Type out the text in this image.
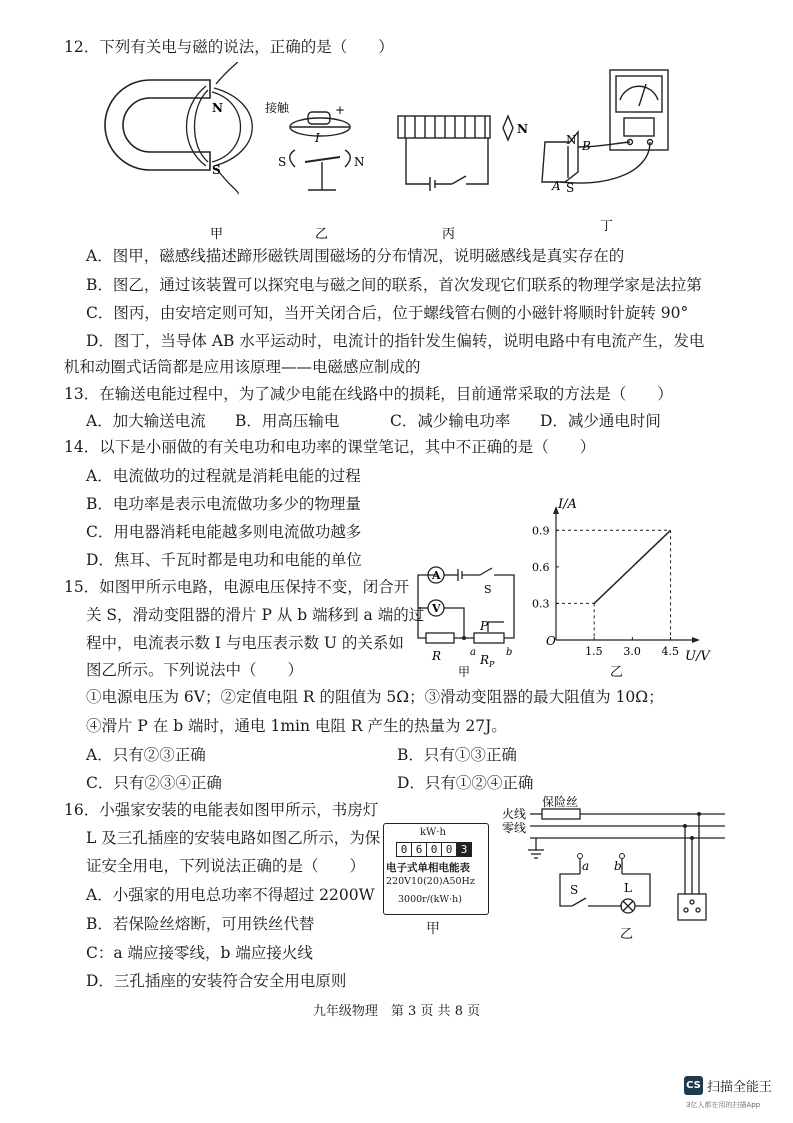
12．下列有关电与磁的说法，正确的是（　　）
N
S
接触	+
I
S	N
N
N B
A S
甲	乙	丙
丁
A．图甲，磁感线描述蹄形磁铁周围磁场的分布情况，说明磁感线是真实存在的
B．图乙，通过该装置可以探究电与磁之间的联系，首次发现它们联系的物理学家是法拉第
C．图丙，由安培定则可知，当开关闭合后，位于螺线管右侧的小磁针将顺时针旋转 90°
D．图丁，当导体 AB 水平运动时，电流计的指针发生偏转，说明电路中有电流产生，发电
机和动圈式话筒都是应用该原理——电磁感应制成的
13．在输送电能过程中，为了减少电能在线路中的损耗，目前通常采取的方法是（　　）
A．加大输送电流 B．用高压输电	C．减少输电功率 D．减少通电时间
14．以下是小丽做的有关电功和电功率的课堂笔记，其中不正确的是（　　）
A．电流做功的过程就是消耗电能的过程
B．电功率是表示电流做功多少的物理量
C．用电器消耗电能越多则电流做功越多
D．焦耳、千瓦时都是电功和电能的单位
15．如图甲所示电路，电源电压保持不变，闭合开
关 S，滑动变阻器的滑片 P 从 b 端移到 a 端的过
程中，电流表示数 I 与电压表示数 U 的关系如
图乙所示。下列说法中（　　）
A
V
S
R
P
a	b
R P
甲
I/A
U/V
O
1.5 3.0 4.5
0.3
0.6
0.9
乙
①电源电压为 6V；②定值电阻 R 的阻值为 5Ω；③滑动变阻器的最大阻值为 10Ω；
④滑片 P 在 b 端时，通电 1min 电阻 R 产生的热量为 27J。
A．只有②③正确	B．只有①③正确
C．只有②③④正确	D．只有①②④正确
16．小强家安装的电能表如图甲所示，书房灯
L 及三孔插座的安装电路如图乙所示，为保
证安全用电，下列说法正确的是（　　）
A．小强家的用电总功率不得超过 2200W
B．若保险丝熔断，可用铁丝代替
C：a 端应接零线，b 端应接火线
D．三孔插座的安装符合安全用电原则
kW·h
0 6 0 0 3
电子式单相电能表
220V10(20)A50Hz
3000r/(kW·h)
甲
火线
零线
保险丝
a b
S	L
乙
九年级物理　第 3 页 共 8 页
CS 扫描全能王
3亿人都在用的扫描App
